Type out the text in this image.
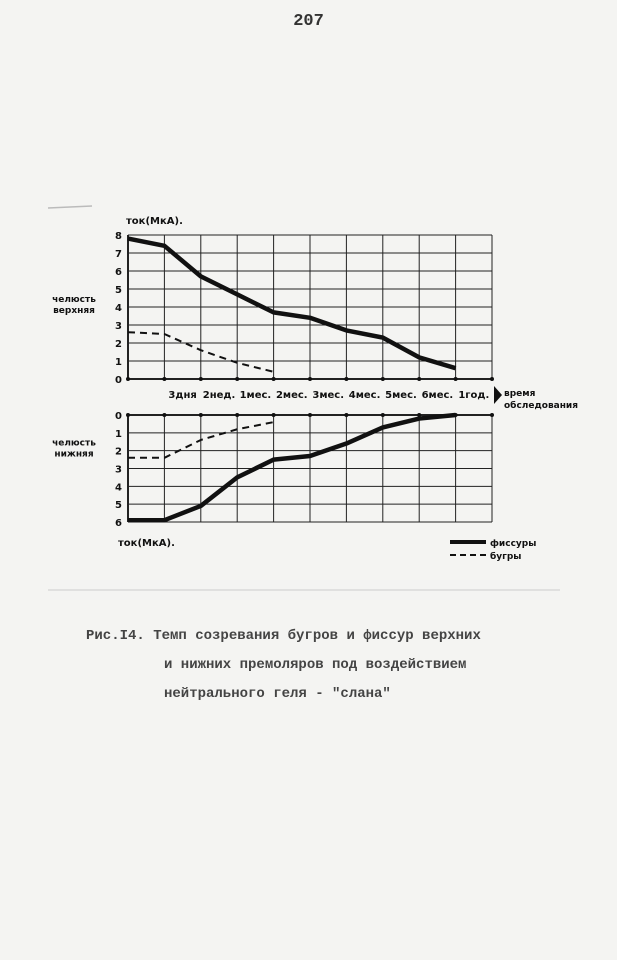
207
0
1
2
3
4
5
6
7
8
челюсть
верхняя
0
1
2
3
4
5
6
челюсть
нижняя
ток(МкА).
ток(МкА).
3дня 2нед. 1мес. 2мес. 3мес. 4мес. 5мес. 6мес. 1год. время
обследования
фиссуры
бугры
Рис.I4. Темп созревания бугров и фиссур верхних
и нижних премоляров под воздействием
нейтрального геля - "слана"
